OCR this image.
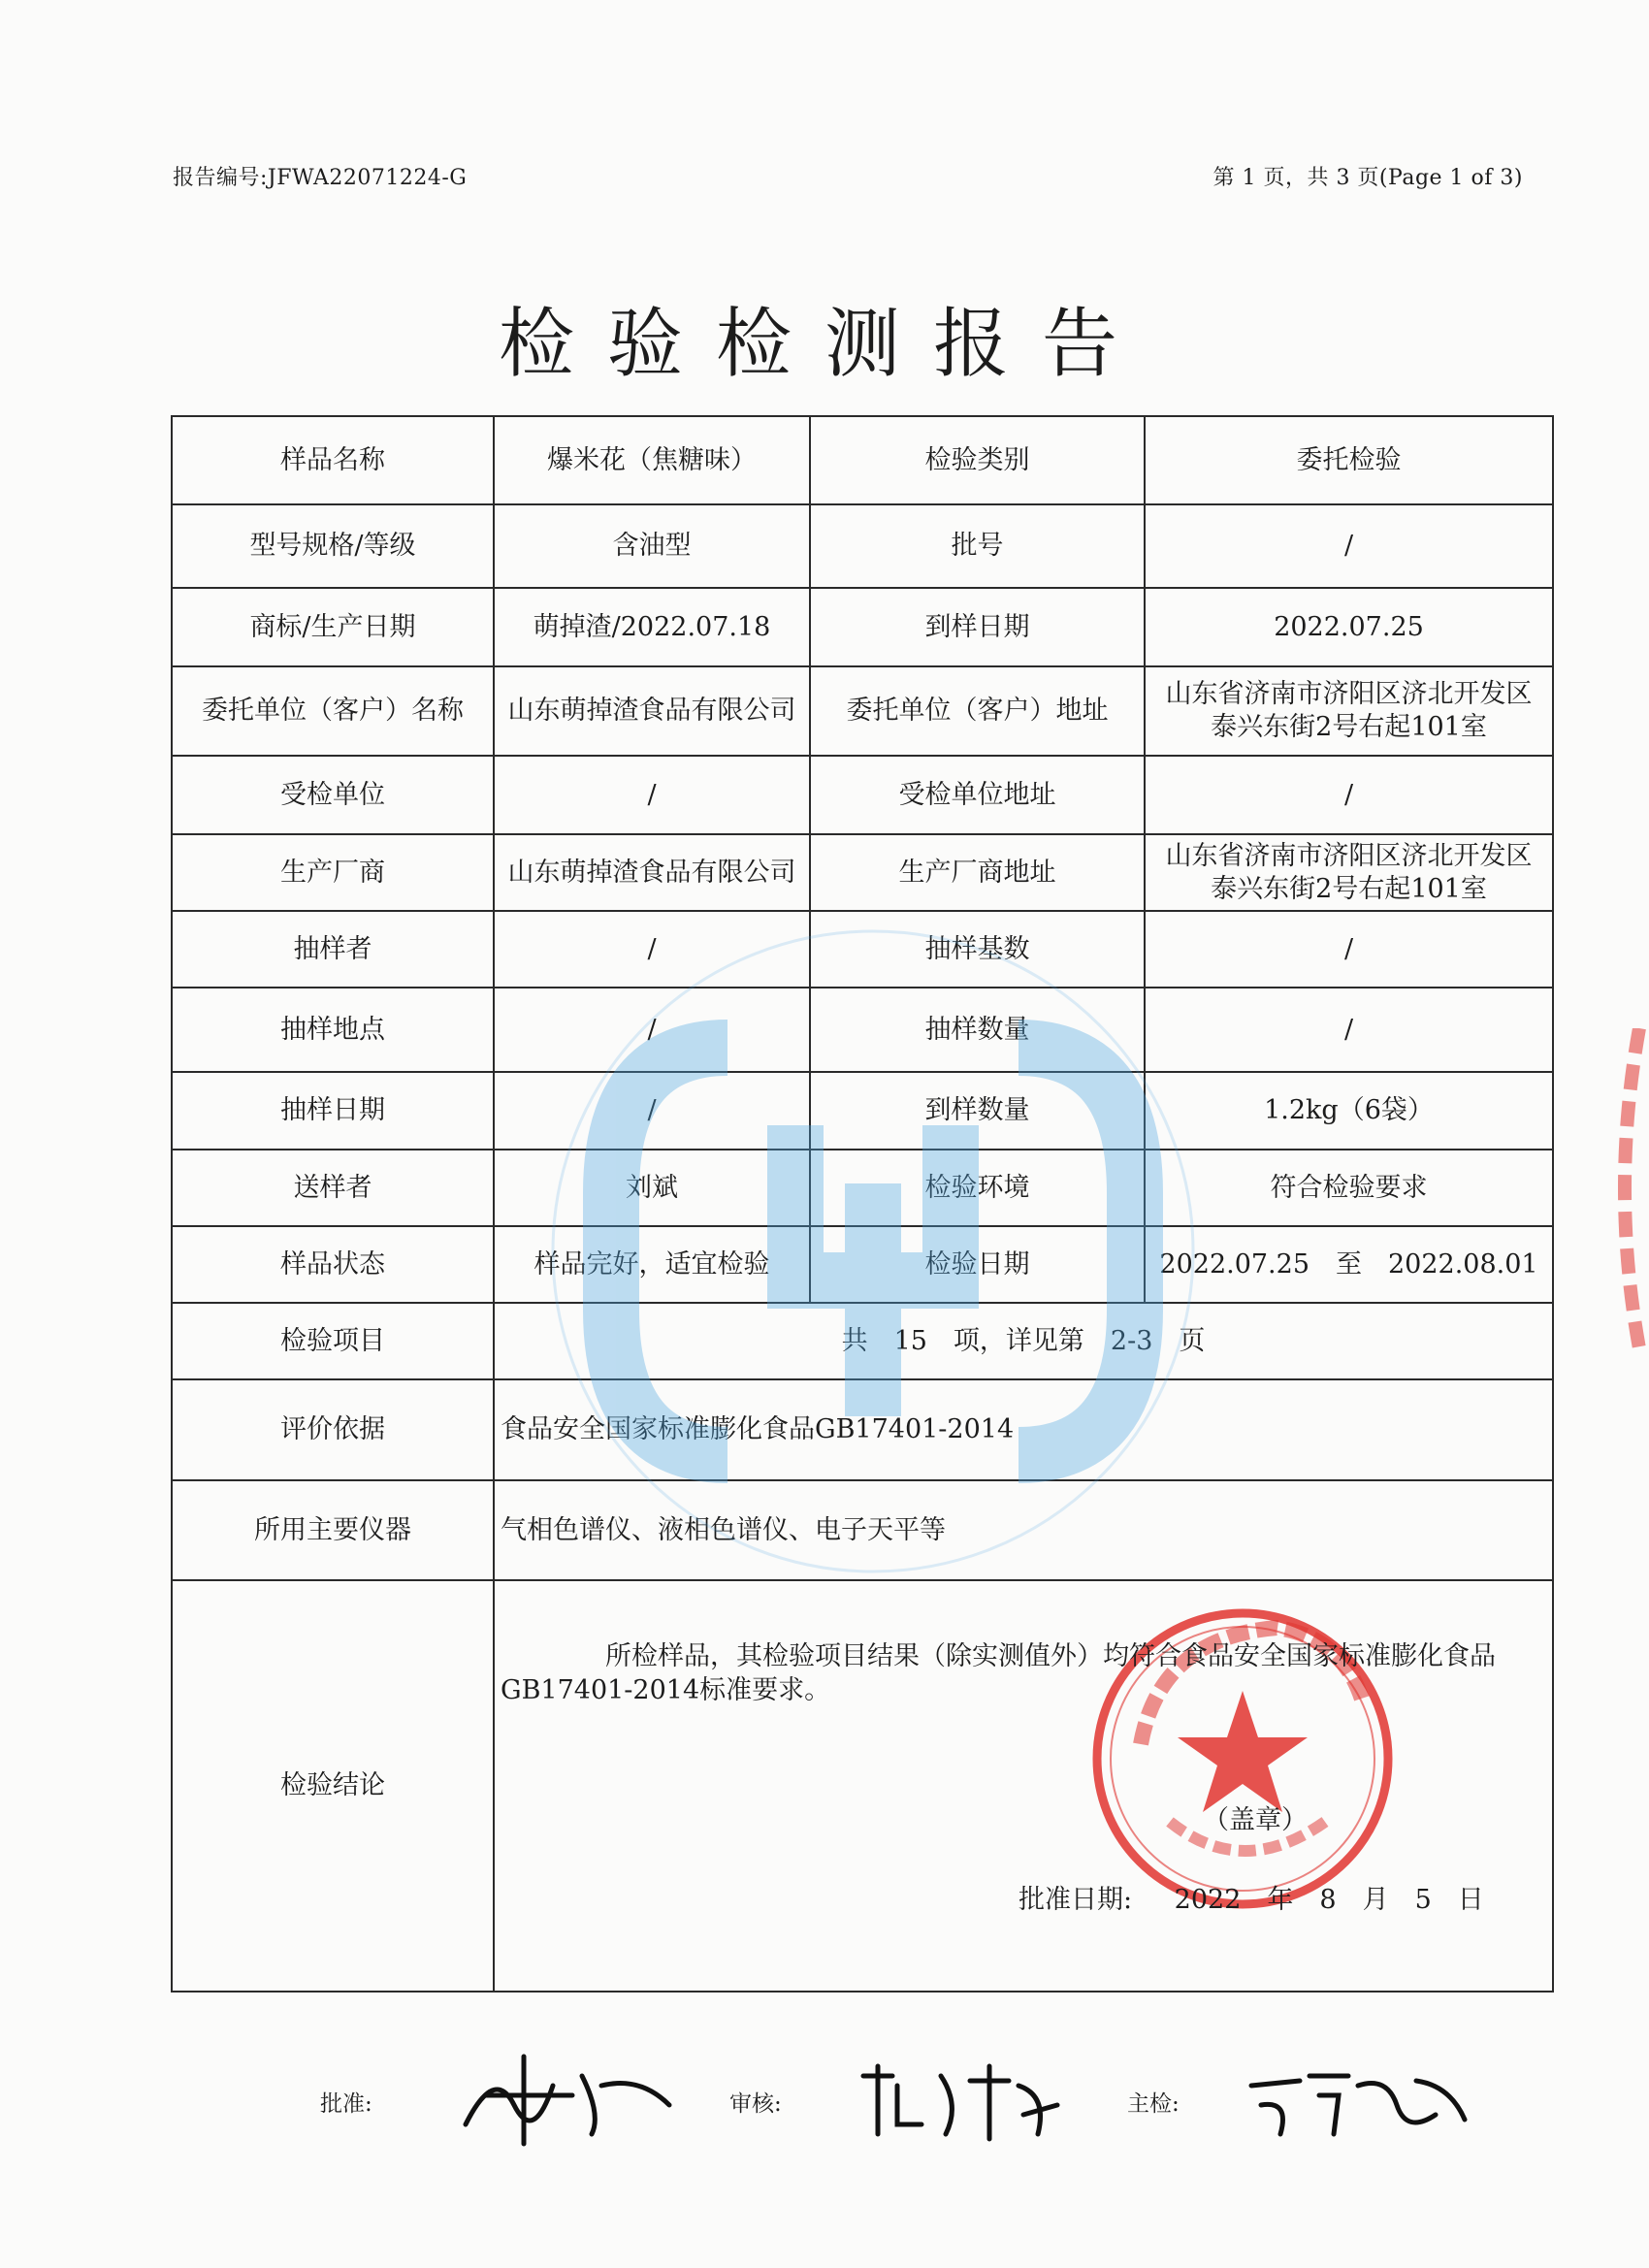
报告编号:JFWA22071224-G	第 1 页，共 3 页(Page 1 of 3)
检验检测报告
样品名称	爆米花（焦糖味）	检验类别	委托检验
型号规格/等级	含油型	批号	/
商标/生产日期	萌掉渣/2022.07.18	到样日期	2022.07.25
委托单位（客户）名称	山东萌掉渣食品有限公司	委托单位（客户）地址	山东省济南市济阳区济北开发区
泰兴东街2号右起101室

受检单位	/	受检单位地址	/
生产厂商	山东萌掉渣食品有限公司	生产厂商地址	山东省济南市济阳区济北开发区
泰兴东街2号右起101室

抽样者	/	抽样基数	/
抽样地点	/	抽样数量	/
抽样日期	/	到样数量	1.2kg（6袋）
送样者	刘斌	检验环境	符合检验要求
样品状态	样品完好，适宜检验	检验日期	2022.07.25　至　2022.08.01
检验项目	共　15　项，详见第　2-3　页		
评价依据	食品安全国家标准膨化食品GB17401-2014		
所用主要仪器	气相色谱仪、液相色谱仪、电子天平等		
检验结论	所检样品，其检验项目结果（除实测值外）均符合食品安全国家标准膨化食品GB17401-2014标准要求。
（盖章）
批准日期:　 2022　年　8　月　5　日		
批准:	审核:	主检:
